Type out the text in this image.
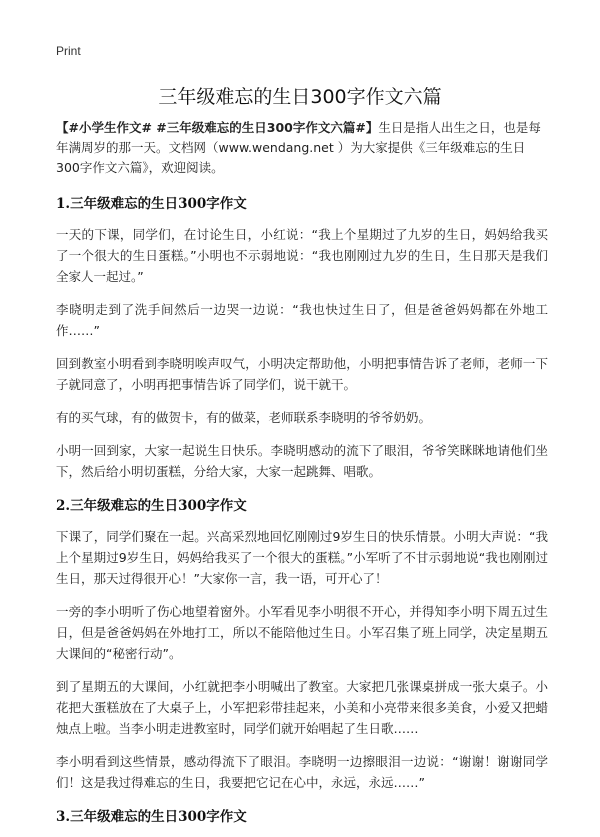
Print
三年级难忘的生日300字作文六篇

【#小学生作文# #三年级难忘的生日300字作文六篇#】生日是指人出生之日，也是每年满周岁的那一天。文档网（www.wendang.net ）为大家提供《三年级难忘的生日300字作文六篇》，欢迎阅读。

1.三年级难忘的生日300字作文

一天的下课，同学们，在讨论生日，小红说：“我上个星期过了九岁的生日，妈妈给我买了一个很大的生日蛋糕。”小明也不示弱地说：“我也刚刚过九岁的生日，生日那天是我们全家人一起过。”

李晓明走到了洗手间然后一边哭一边说：“我也快过生日了，但是爸爸妈妈都在外地工作……”

回到教室小明看到李晓明唉声叹气，小明决定帮助他，小明把事情告诉了老师，老师一下子就同意了，小明再把事情告诉了同学们，说干就干。

有的买气球，有的做贺卡，有的做菜，老师联系李晓明的爷爷奶奶。

小明一回到家，大家一起说生日快乐。李晓明感动的流下了眼泪，爷爷笑眯眯地请他们坐下，然后给小明切蛋糕，分给大家，大家一起跳舞、唱歌。

2.三年级难忘的生日300字作文

下课了，同学们聚在一起。兴高采烈地回忆刚刚过9岁生日的快乐情景。小明大声说：“我上个星期过9岁生日，妈妈给我买了一个很大的蛋糕。”小军听了不甘示弱地说“我也刚刚过生日，那天过得很开心！”大家你一言，我一语，可开心了！

一旁的李小明听了伤心地望着窗外。小军看见李小明很不开心，并得知李小明下周五过生日，但是爸爸妈妈在外地打工，所以不能陪他过生日。小军召集了班上同学，决定星期五大课间的“秘密行动”。

到了星期五的大课间，小红就把李小明喊出了教室。大家把几张课桌拼成一张大桌子。小花把大蛋糕放在了大桌子上，小军把彩带挂起来，小美和小亮带来很多美食，小爱又把蜡烛点上啦。当李小明走进教室时，同学们就开始唱起了生日歌……

李小明看到这些情景，感动得流下了眼泪。李晓明一边擦眼泪一边说：“谢谢！谢谢同学们！这是我过得难忘的生日，我要把它记在心中，永远，永远……”

3.三年级难忘的生日300字作文
